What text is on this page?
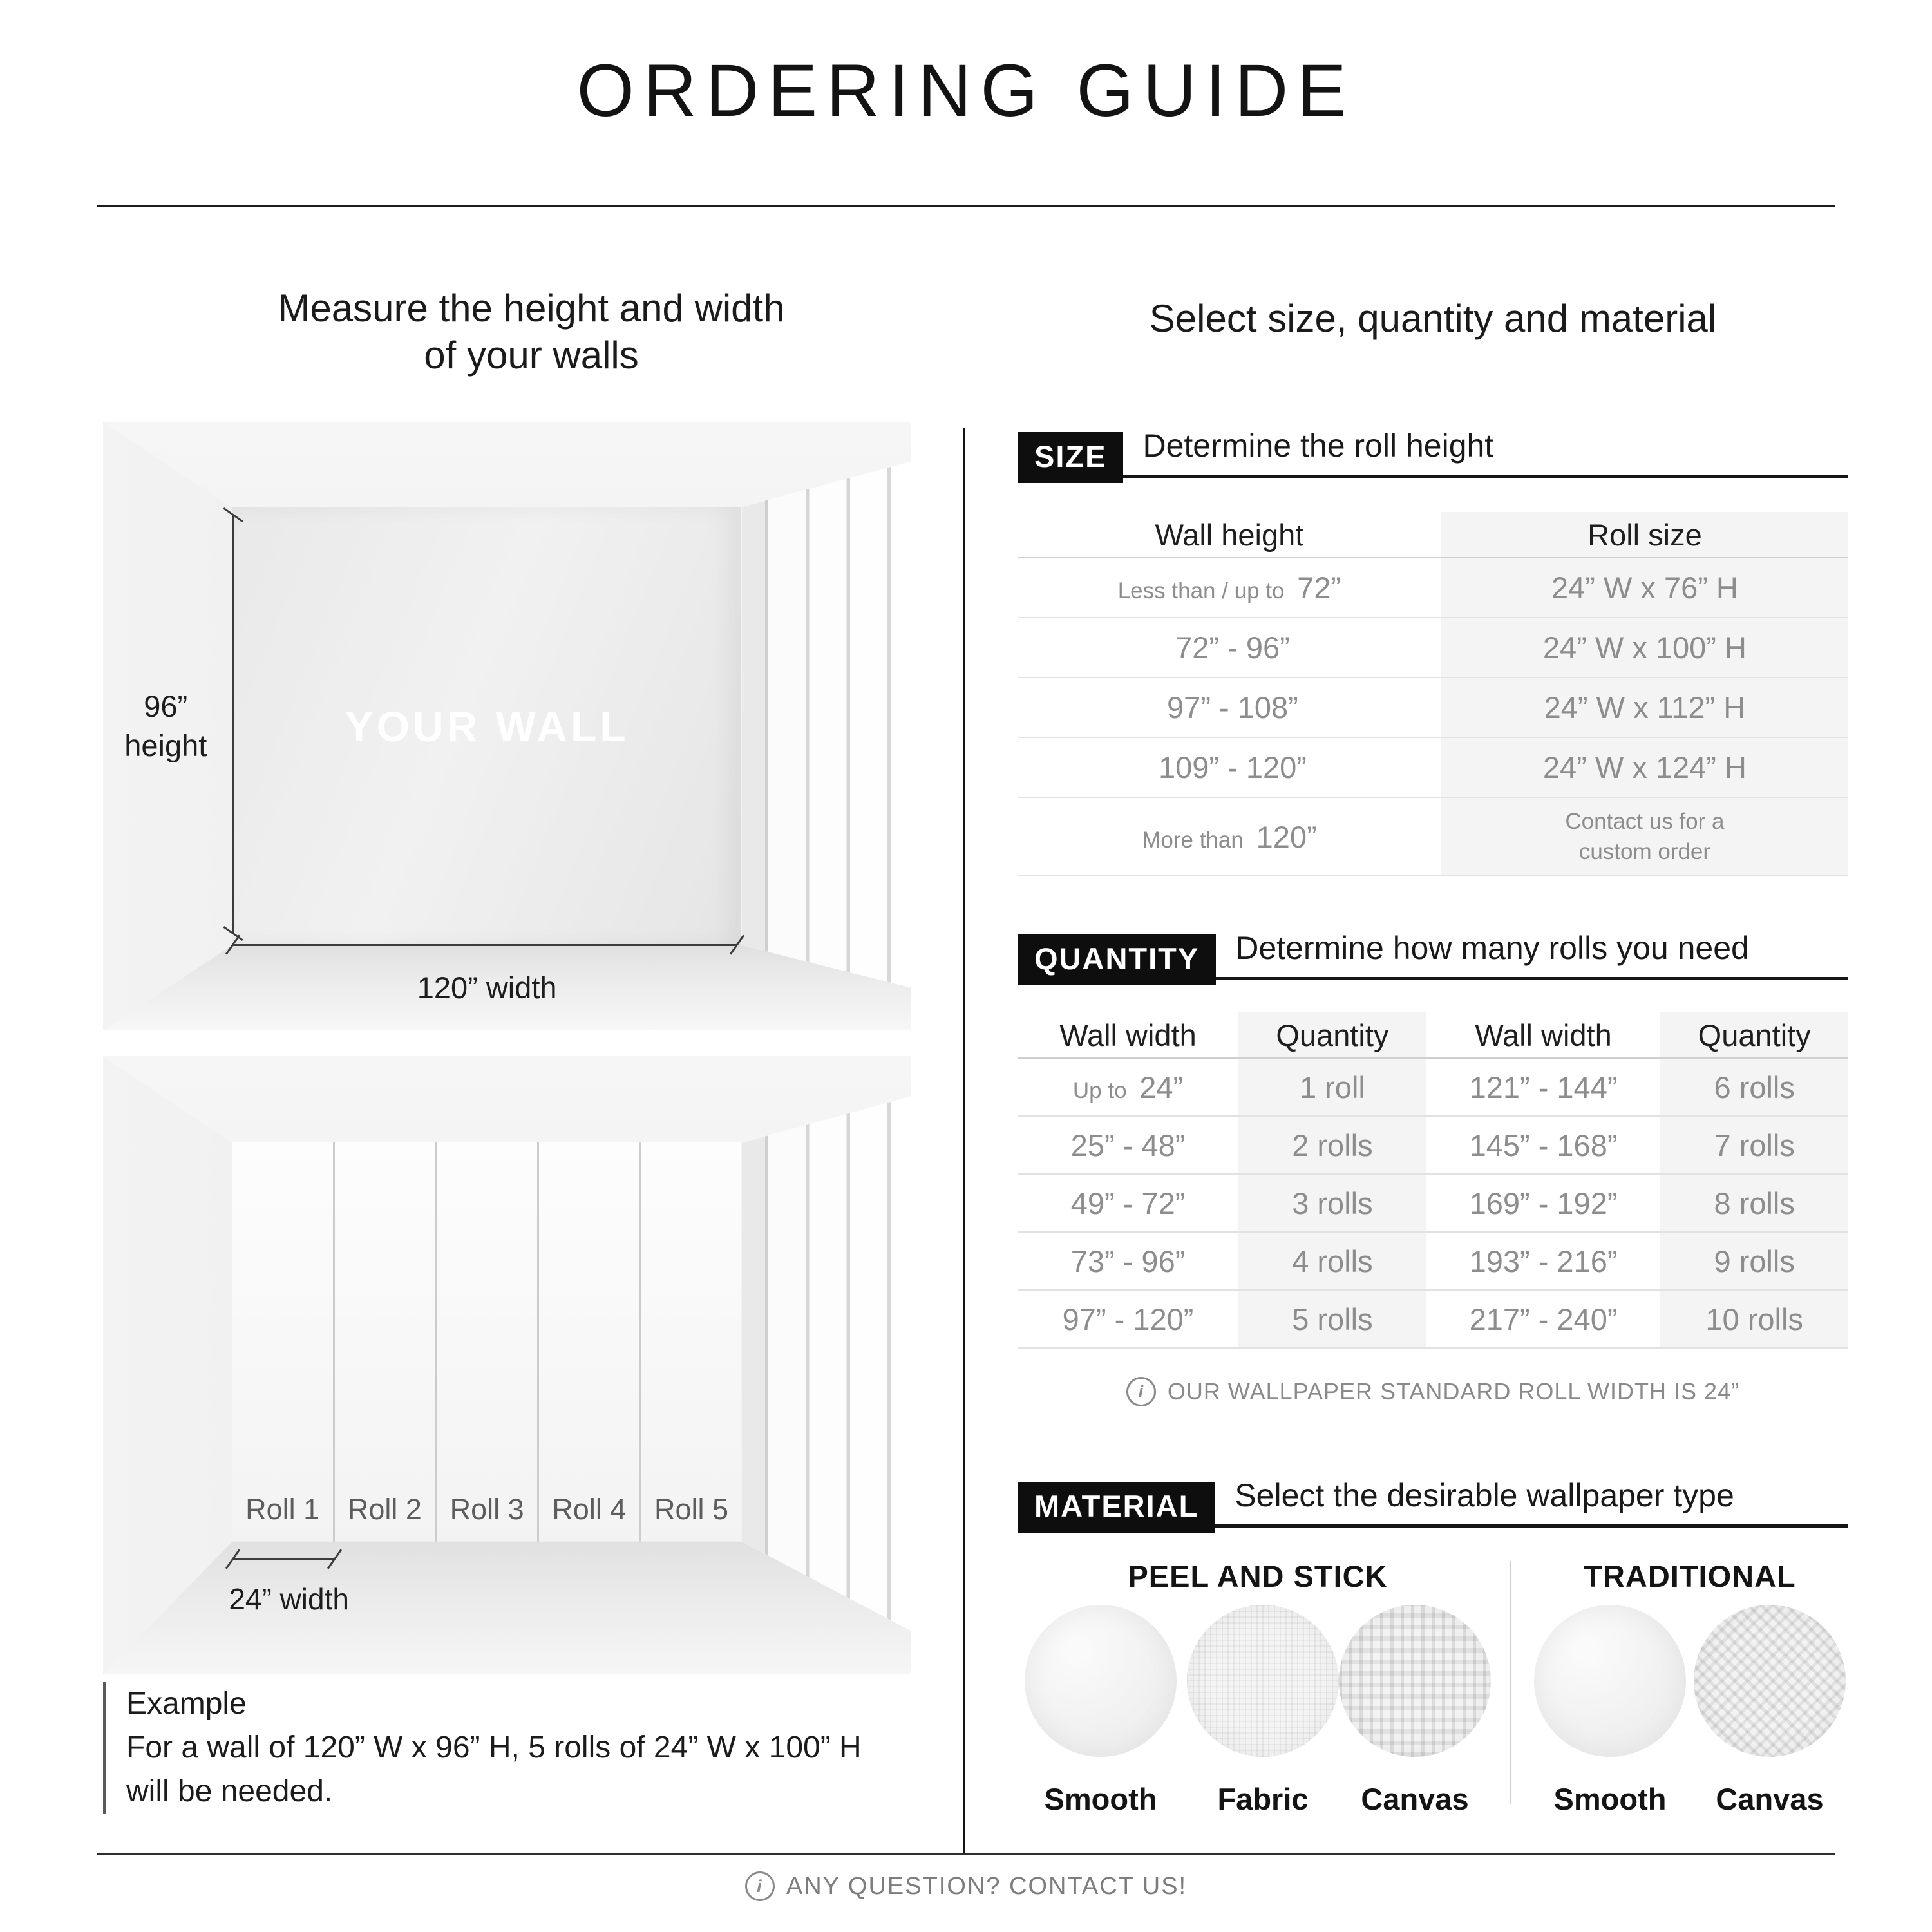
ORDERING GUIDE
Measure the height and width
of your walls
Select size, quantity and material
YOUR WALL
96”
height
120” width
Roll 1 Roll 2 Roll 3 Roll 4 Roll 5
24” width
Example
For a wall of 120” W x 96” H, 5 rolls of 24” W x 100” H
will be needed.
SIZE	Determine the roll height
Wall height	Roll size
Less than / up to 72”	24” W x 76” H
72” - 96”	24” W x 100” H
97” - 108”	24” W x 112” H
109” - 120”	24” W x 124” H
More than 120”	Contact us for a
custom order
QUANTITY	Determine how many rolls you need
Wall width	Quantity	Wall width	Quantity
Up to 24”	1 roll	121” - 144”	6 rolls
25” - 48”	2 rolls	145” - 168”	7 rolls
49” - 72”	3 rolls	169” - 192”	8 rolls
73” - 96”	4 rolls	193” - 216”	9 rolls
97” - 120”	5 rolls	217” - 240”	10 rolls
i	OUR WALLPAPER STANDARD ROLL WIDTH IS 24”
MATERIAL	Select the desirable wallpaper type
PEEL AND STICK	TRADITIONAL
Smooth	Fabric	Canvas	Smooth	Canvas
i ANY QUESTION? CONTACT US!
